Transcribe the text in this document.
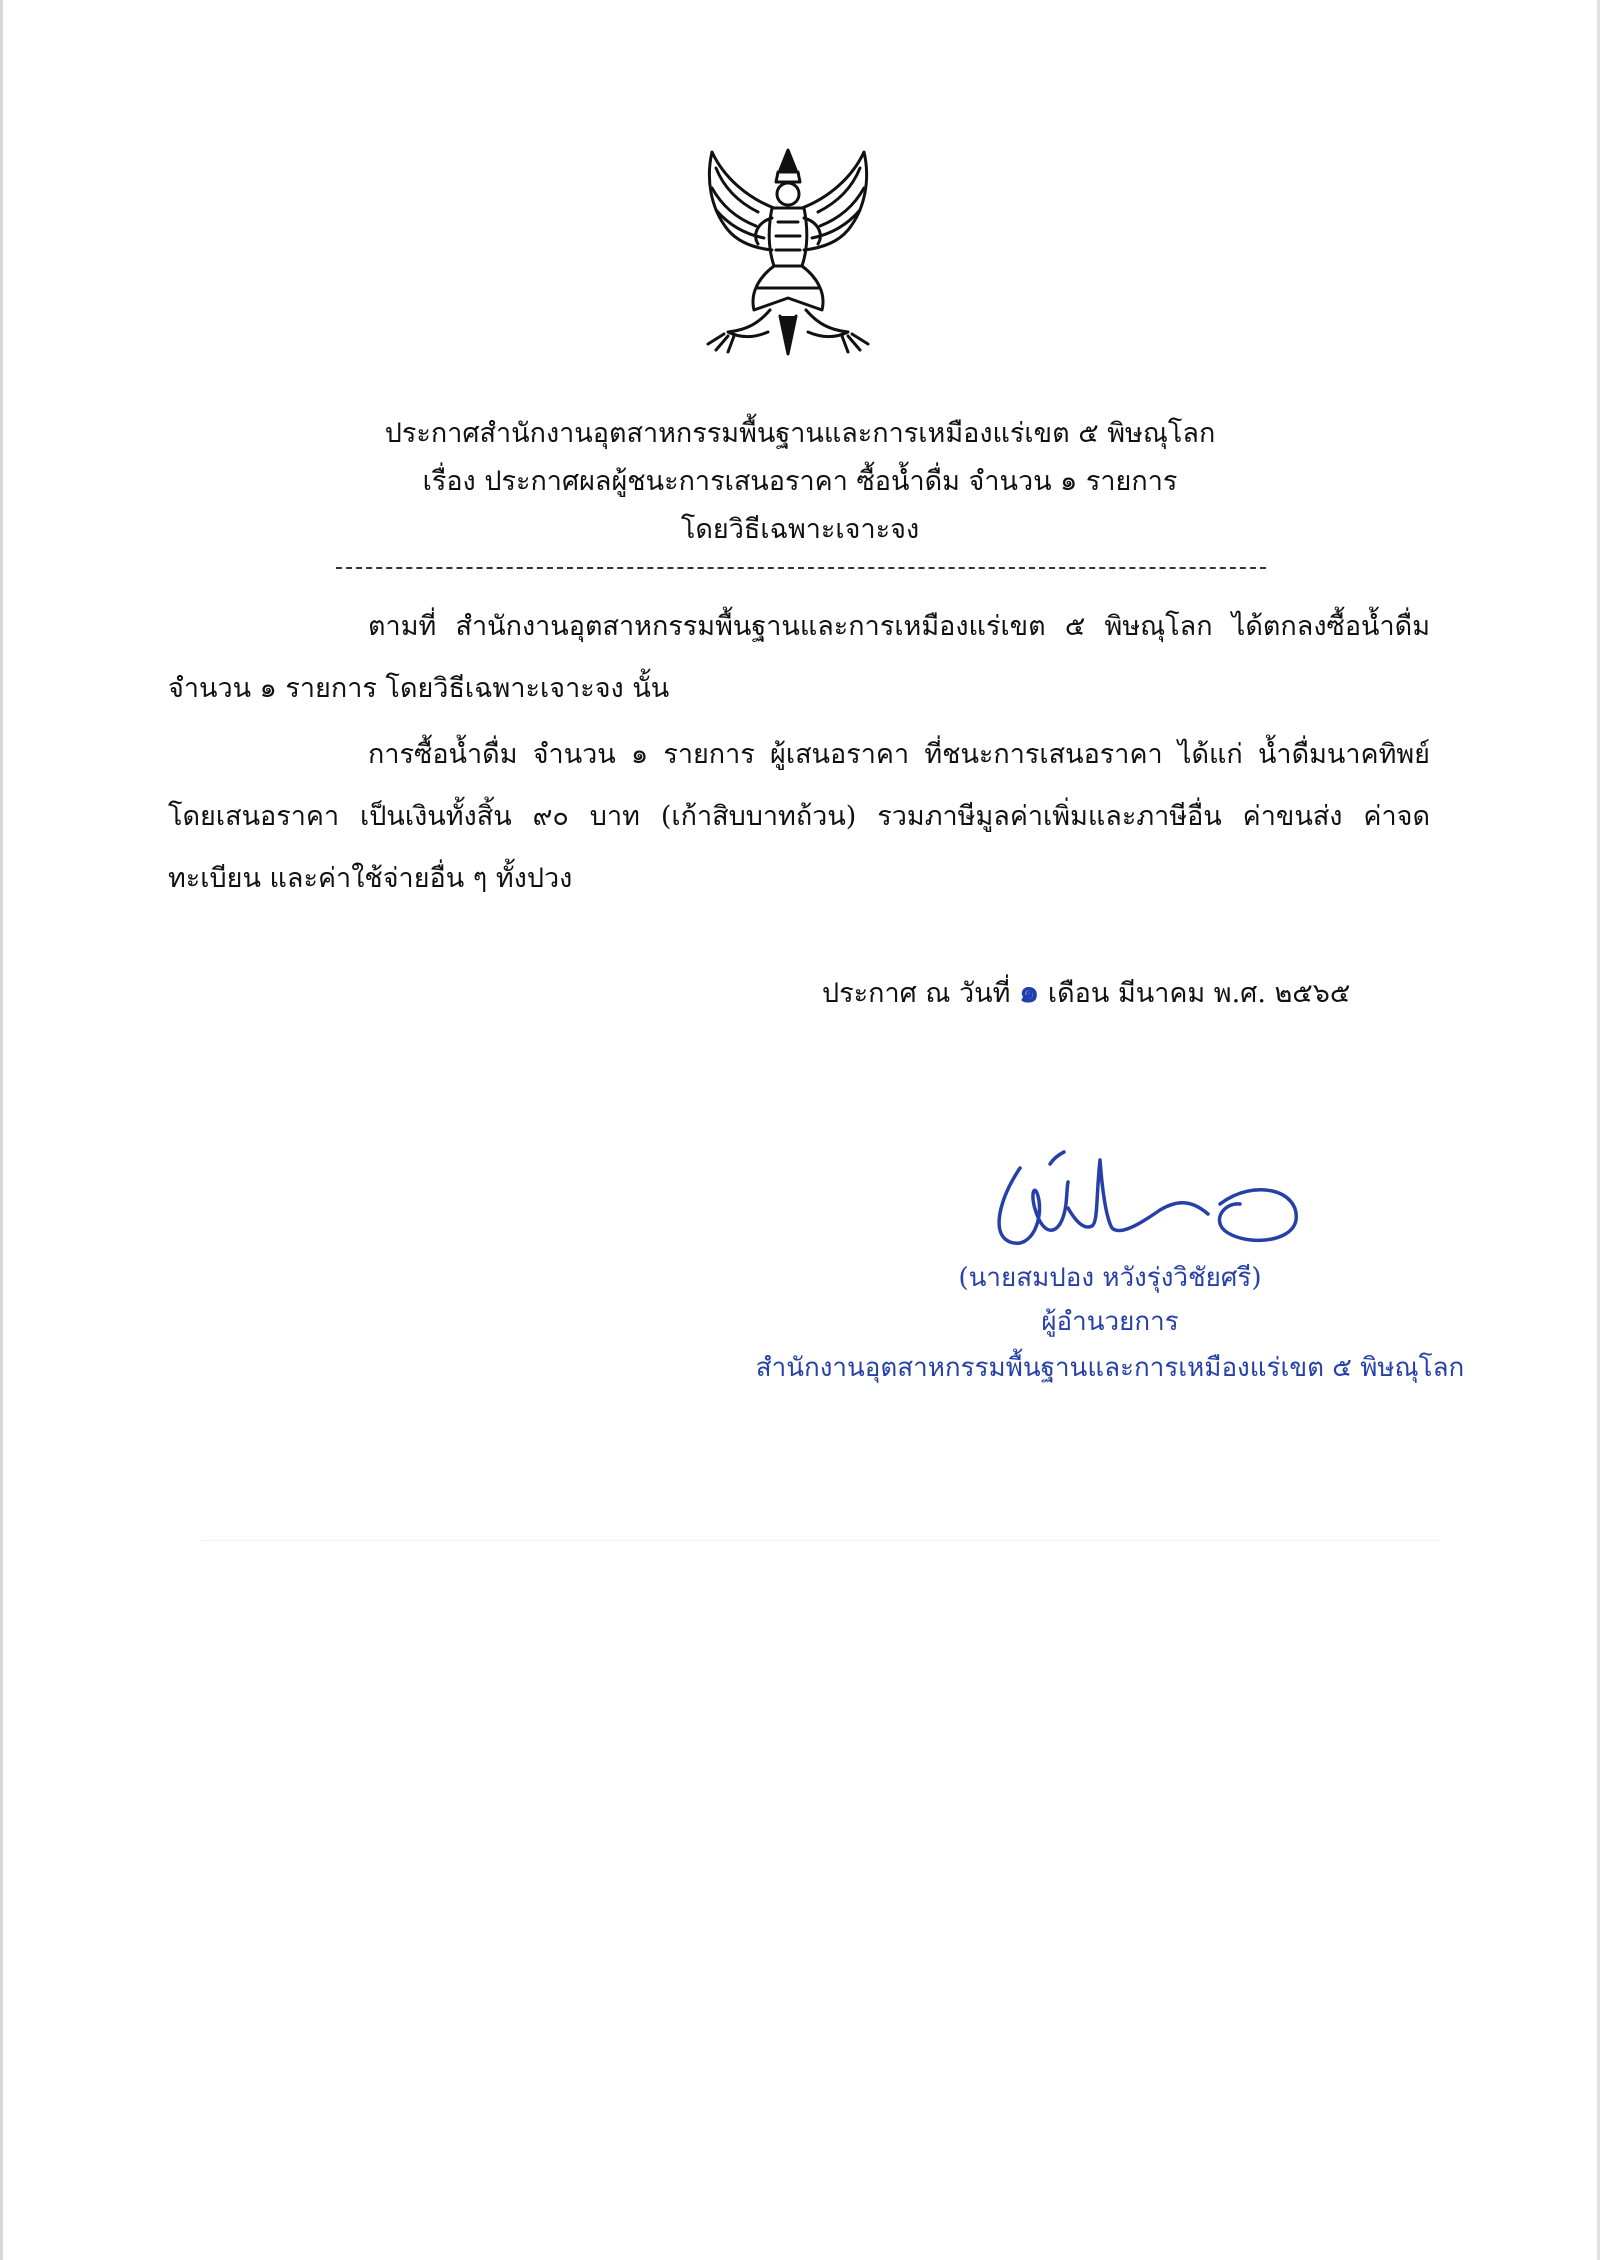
ประกาศสำนักงานอุตสาหกรรมพื้นฐานและการเหมืองแร่เขต ๕ พิษณุโลก
เรื่อง ประกาศผลผู้ชนะการเสนอราคา ซื้อน้ำดื่ม จำนวน ๑ รายการ
โดยวิธีเฉพาะเจาะจง
ตามที่ สำนักงานอุตสาหกรรมพื้นฐานและการเหมืองแร่เขต ๕ พิษณุโลก ได้ตกลงซื้อน้ำดื่ม จำนวน ๑ รายการ โดยวิธีเฉพาะเจาะจง นั้น
การซื้อน้ำดื่ม จำนวน ๑ รายการ ผู้เสนอราคา ที่ชนะการเสนอราคา ได้แก่ น้ำดื่มนาคทิพย์ โดยเสนอราคา เป็นเงินทั้งสิ้น ๙๐ บาท (เก้าสิบบาทถ้วน) รวมภาษีมูลค่าเพิ่มและภาษีอื่น ค่าขนส่ง ค่าจดทะเบียน และค่าใช้จ่ายอื่น ๆ ทั้งปวง
ประกาศ ณ วันที่ ๑ เดือน มีนาคม พ.ศ. ๒๕๖๕
(นายสมปอง หวังรุ่งวิชัยศรี)
ผู้อำนวยการ
สำนักงานอุตสาหกรรมพื้นฐานและการเหมืองแร่เขต ๕ พิษณุโลก
